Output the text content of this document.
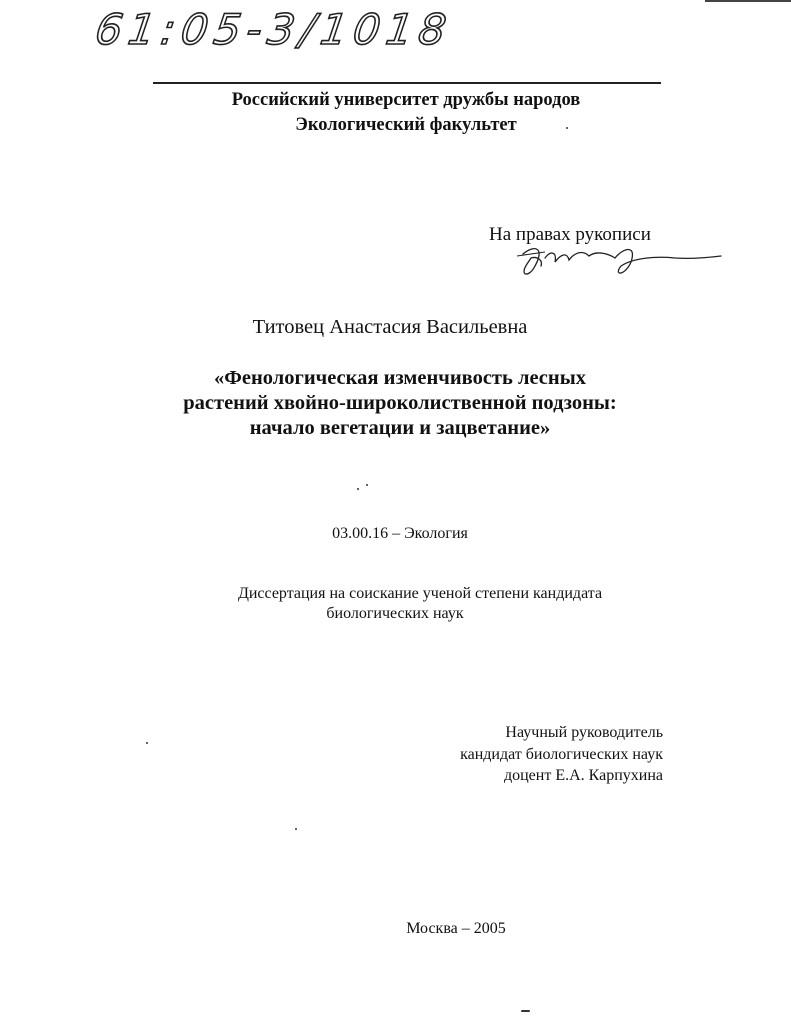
61:05-3/1018
Российский университет дружбы народов
Экологический факультет
На правах рукописи
Титовец Анастасия Васильевна
«Фенологическая изменчивость лесных
растений хвойно-широколиственной подзоны:
начало вегетации и зацветание»
03.00.16 – Экология
Диссертация на соискание ученой степени кандидата
биологических наук
Научный руководитель
кандидат биологических наук
доцент Е.А. Карпухина
Москва – 2005
